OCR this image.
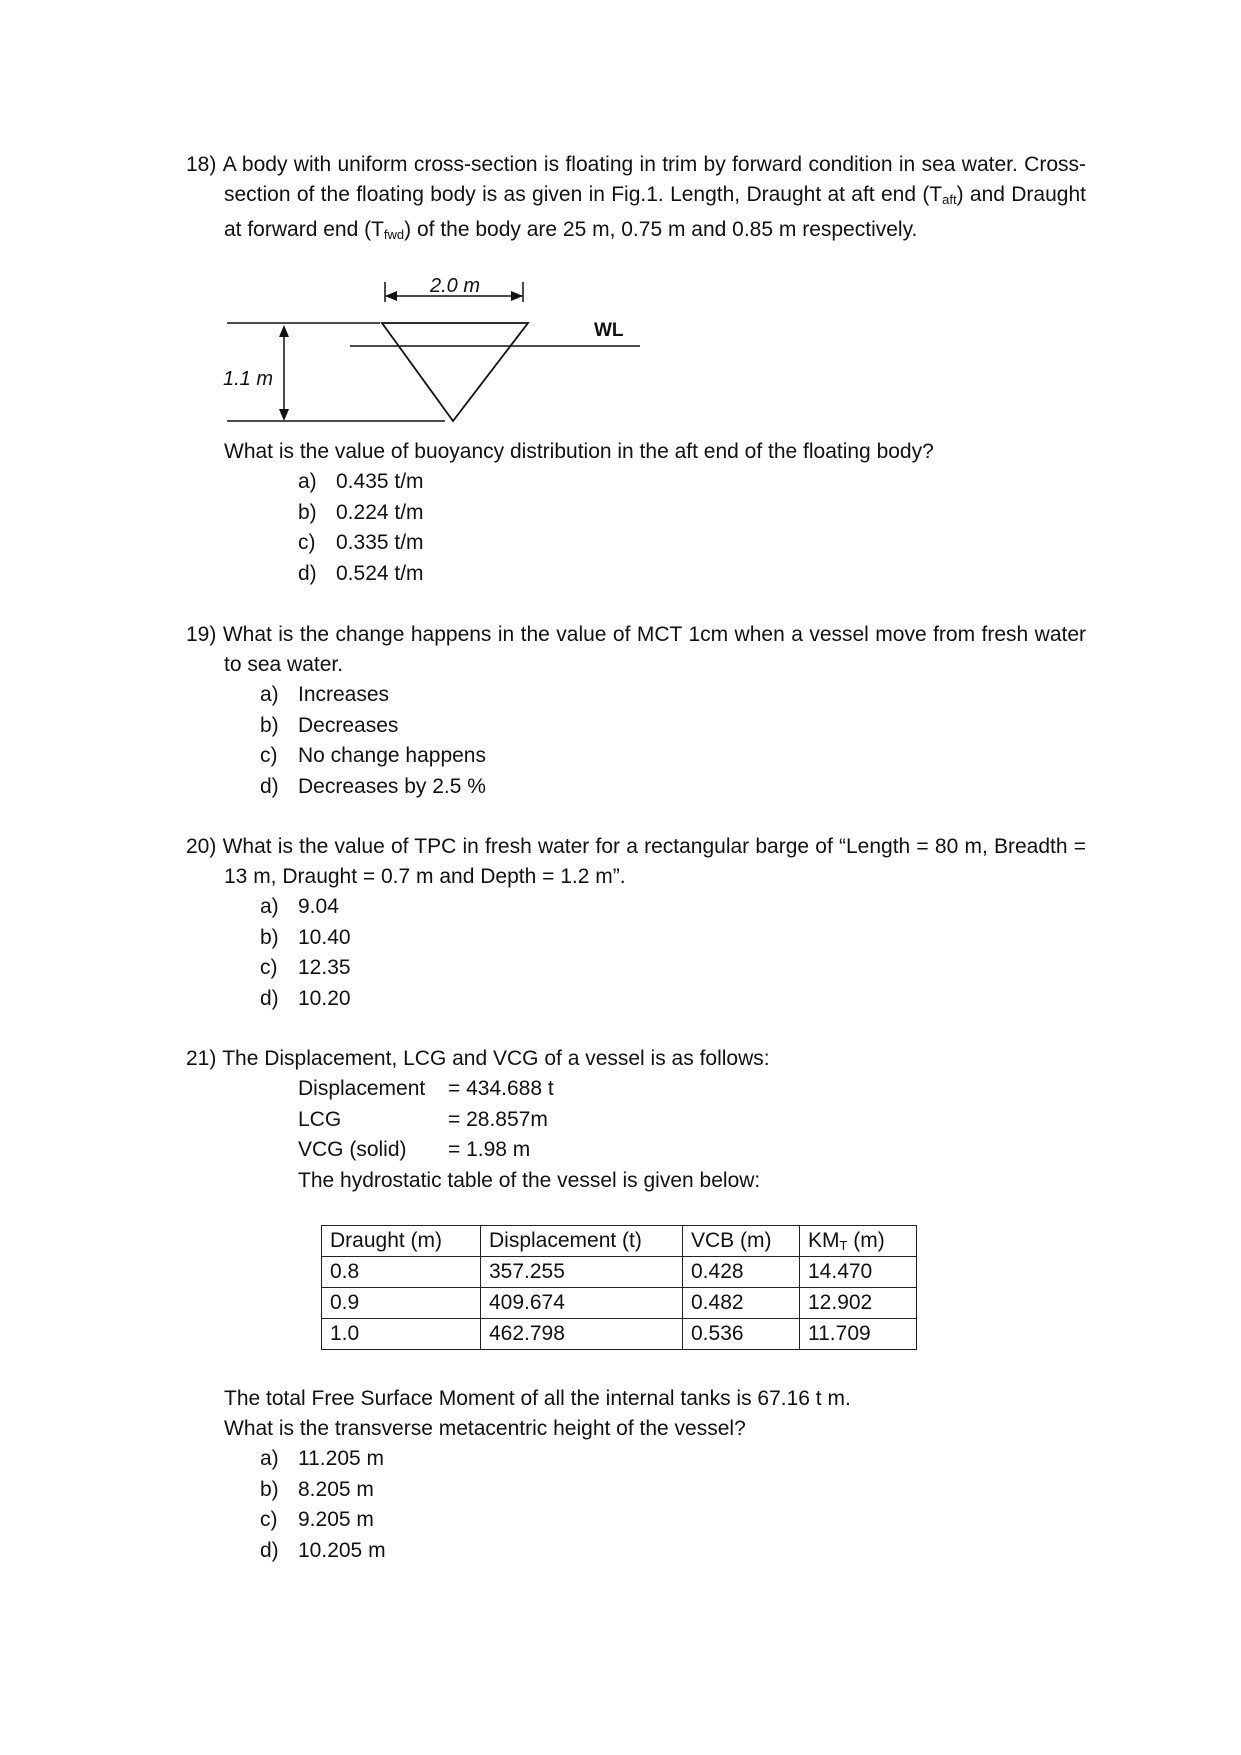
18) A body with uniform cross-section is floating in trim by forward condition in sea water. Cross-section of the floating body is as given in Fig.1. Length, Draught at aft end $(T_{aft})$ and Draught at forward end $(T_{fwd})$ of the body are 25 m, 0.75 m and 0.85 m respectively.
2.0 m
1.1 m
WL
What is the value of buoyancy distribution in the aft end of the floating body?
a) 0.435 t/m
b) 0.224 t/m
c) 0.335 t/m
d) 0.524 t/m
19) What is the change happens in the value of MCT 1cm when a vessel move from fresh water to sea water.
a) Increases
b) Decreases
c) No change happens
d) Decreases by 2.5 %
20) What is the value of TPC in fresh water for a rectangular barge of “Length = 80 m, Breadth = 13 m, Draught = 0.7 m and Depth = 1.2 m”.
a) 9.04
b) 10.40
c) 12.35
d) 10.20
21) The Displacement, LCG and VCG of a vessel is as follows:
Displacement = 434.688 t
LCG	= 28.857m
VCG (solid) = 1.98 m
The hydrostatic table of the vessel is given below:
Draught (m)	Displacement (t)	VCB (m)	$KM_T$ (m)
0.8	357.255	0.428	14.470
0.9	409.674	0.482	12.902
1.0	462.798	0.536	11.709
The total Free Surface Moment of all the internal tanks is 67.16 t m.
What is the transverse metacentric height of the vessel?
a) 11.205 m
b) 8.205 m
c) 9.205 m
d) 10.205 m
